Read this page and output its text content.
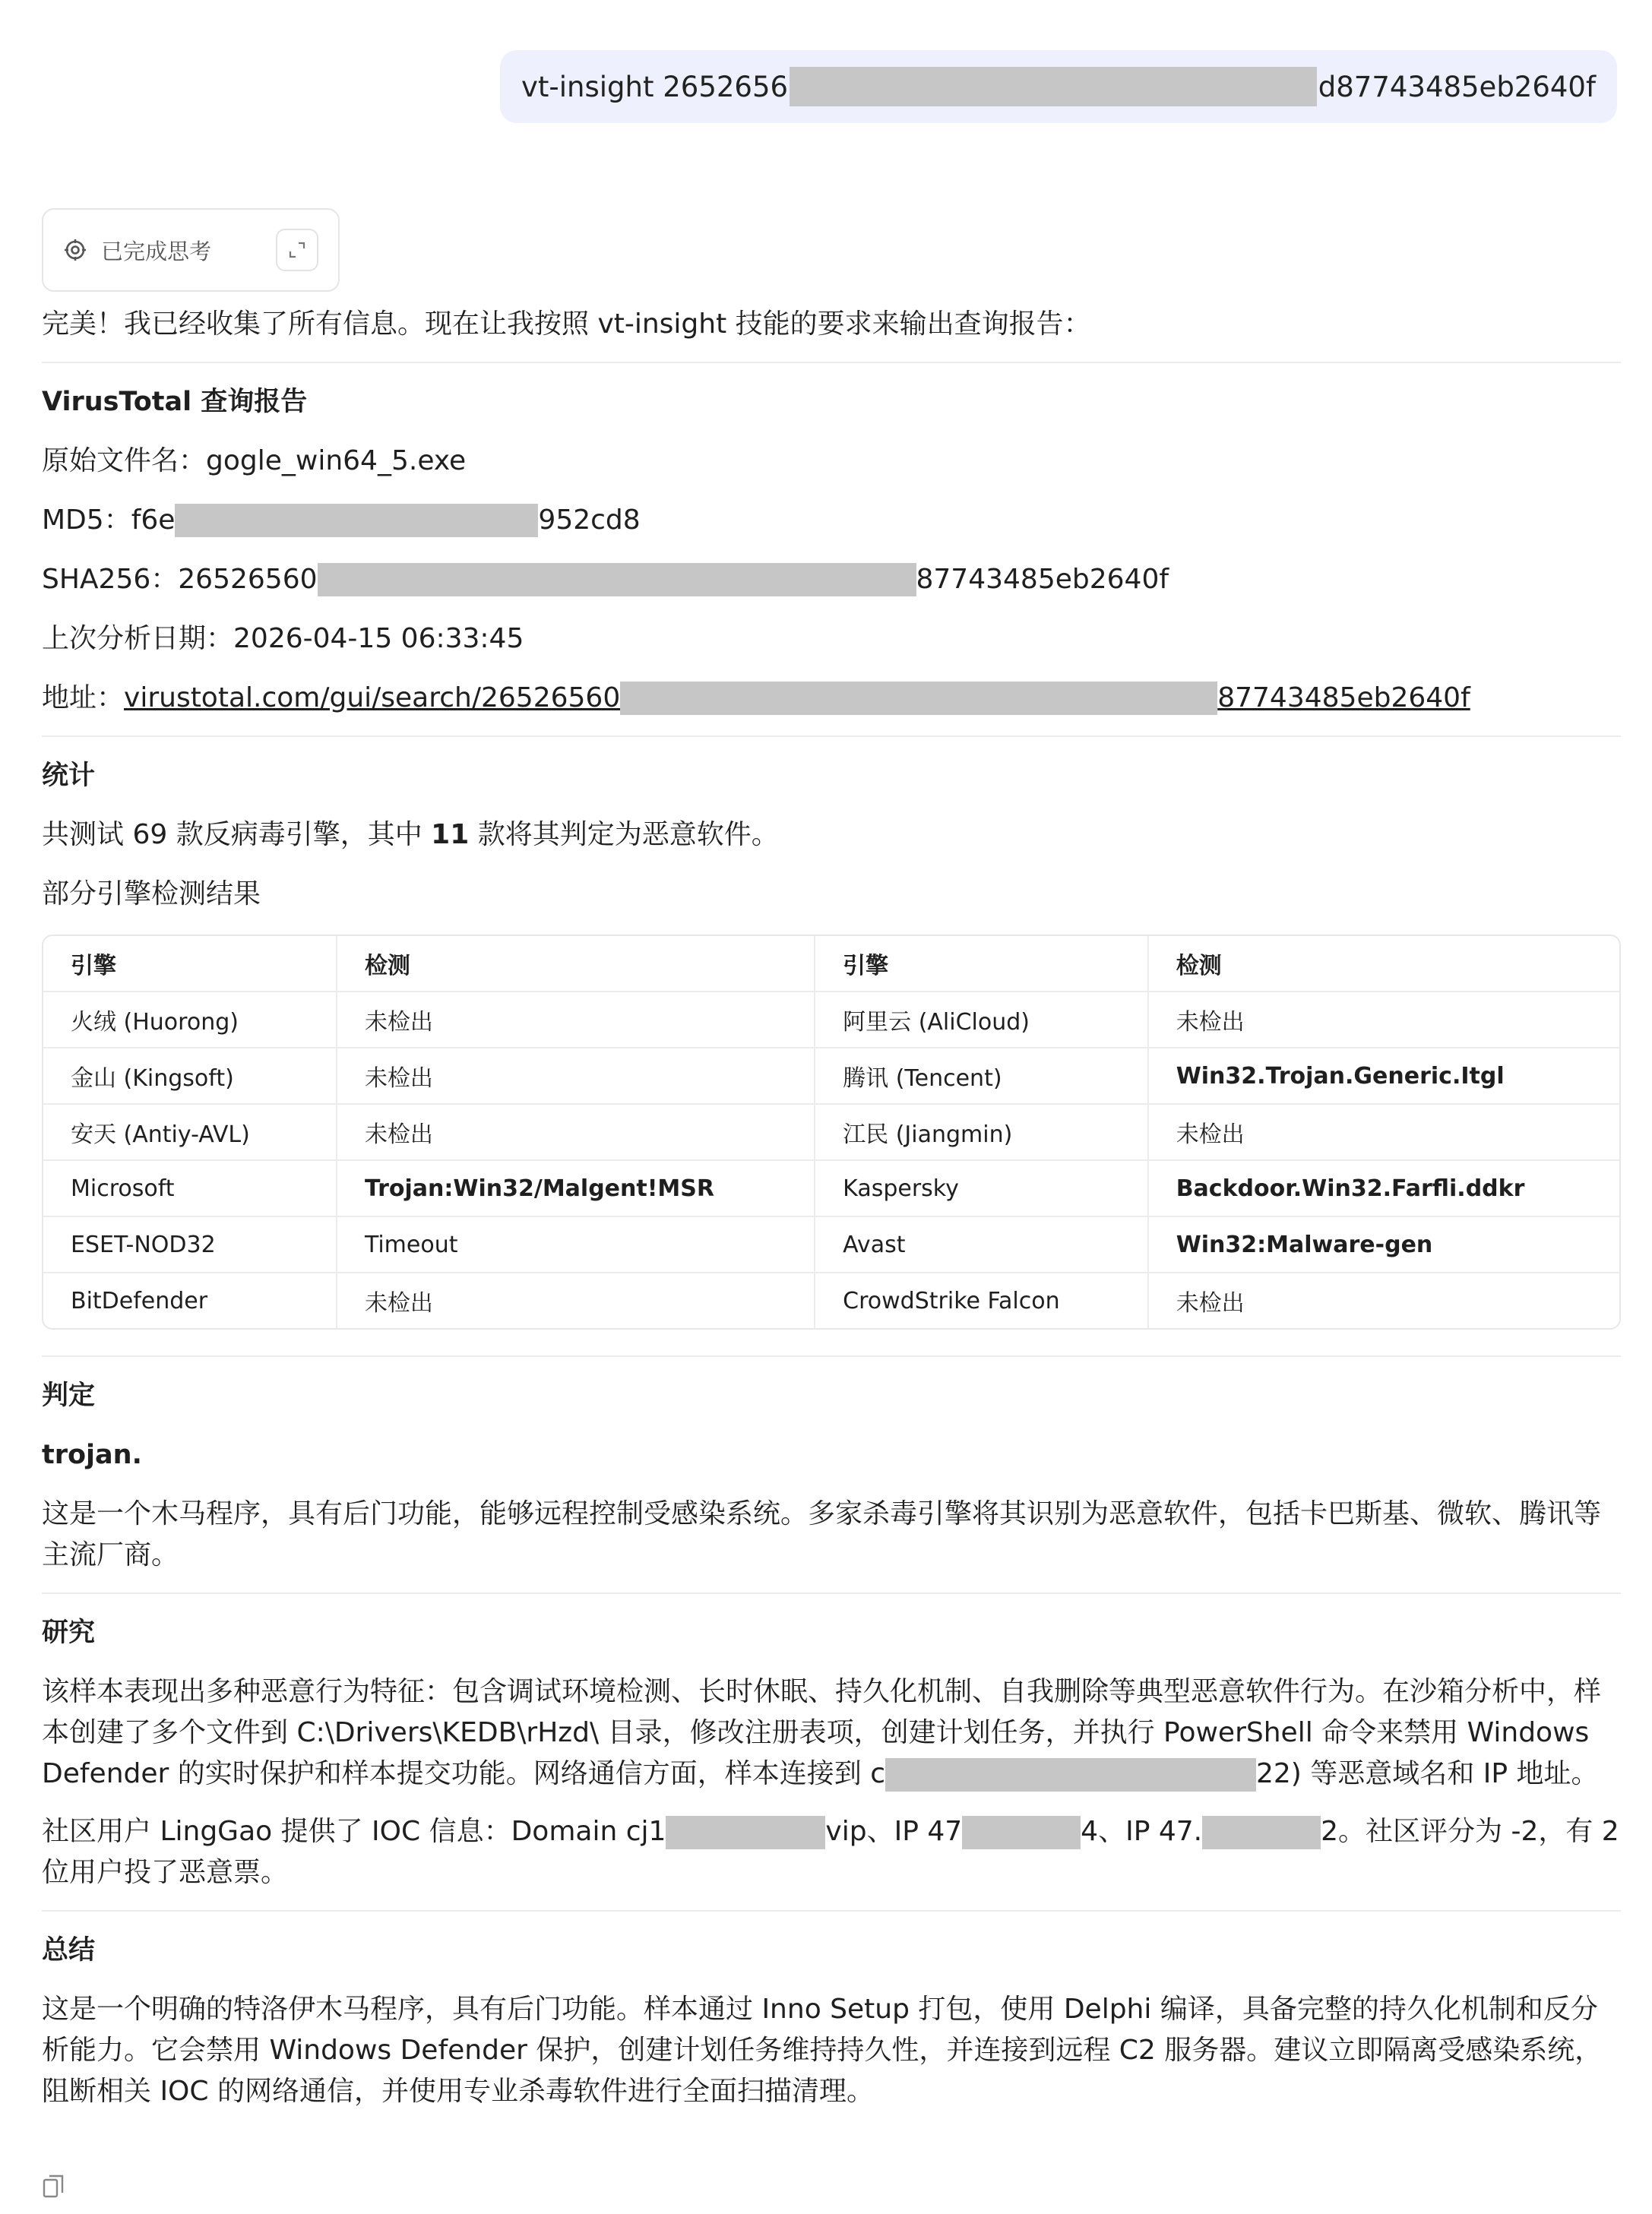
vt-insight 2652656	d87743485eb2640f
已完成思考

完美！我已经收集了所有信息。现在让我按照 vt-insight 技能的要求来输出查询报告：

VirusTotal 查询报告
原始文件名： gogle_win64_5.exe
MD5： f6e	952cd8
SHA256： 26526560	87743485eb2640f
上次分析日期： 2026-04-15 06:33:45
地址： virustotal.com/gui/search/26526560	87743485eb2640f
统计
共测试 69 款反病毒引擎，其中 11 款将其判定为恶意软件。
部分引擎检测结果
引擎	检测	引擎	检测
火绒 (Huorong)	未检出	阿里云 (AliCloud)	未检出
金山 (Kingsoft)	未检出	腾讯 (Tencent)	Win32.Trojan.Generic.Itgl
安天 (Antiy-AVL)	未检出	江民 (Jiangmin)	未检出
Microsoft	Trojan:Win32/Malgent!MSR	Kaspersky	Backdoor.Win32.Farfli.ddkr
ESET-NOD32	Timeout	Avast	Win32:Malware-gen
BitDefender	未检出	CrowdStrike Falcon	未检出
判定
trojan.

这是一个木马程序，具有后门功能，能够远程控制受感染系统。多家杀毒引擎将其识别为恶意软件，包括卡巴斯基、微软、腾讯等主流厂商。

研究

该样本表现出多种恶意行为特征：包含调试环境检测、长时休眠、持久化机制、自我删除等典型恶意软件行为。在沙箱分析中，样本创建了多个文件到 C:\Drivers\KEDB\rHzd\ 目录，修改注册表项，创建计划任务，并执行 PowerShell 命令来禁用 Windows Defender 的实时保护和样本提交功能。网络通信方面，样本连接到 c	22) 等恶意域名和 IP 地址。

社区用户 LingGao 提供了 IOC 信息：Domain cj1	vip、IP 47	4、IP 47.	2。社区评分为 -2，有 2 位用户投了恶意票。

总结

这是一个明确的特洛伊木马程序，具有后门功能。样本通过 Inno Setup 打包，使用 Delphi 编译，具备完整的持久化机制和反分析能力。它会禁用 Windows Defender 保护，创建计划任务维持持久性，并连接到远程 C2 服务器。建议立即隔离受感染系统，阻断相关 IOC 的网络通信，并使用专业杀毒软件进行全面扫描清理。
